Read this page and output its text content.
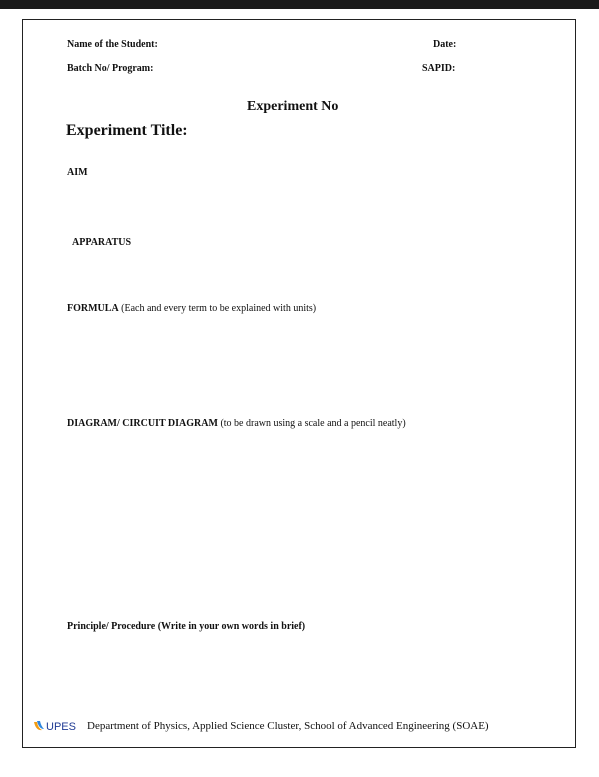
Name of the Student:	Date:
Batch No/ Program:	SAPID:
Experiment No
Experiment Title:
AIM
APPARATUS
FORMULA (Each and every term to be explained with units)
DIAGRAM/ CIRCUIT DIAGRAM (to be drawn using a scale and a pencil neatly)
Principle/ Procedure (Write in your own words in brief)
UPES Department of Physics, Applied Science Cluster, School of Advanced Engineering (SOAE)
